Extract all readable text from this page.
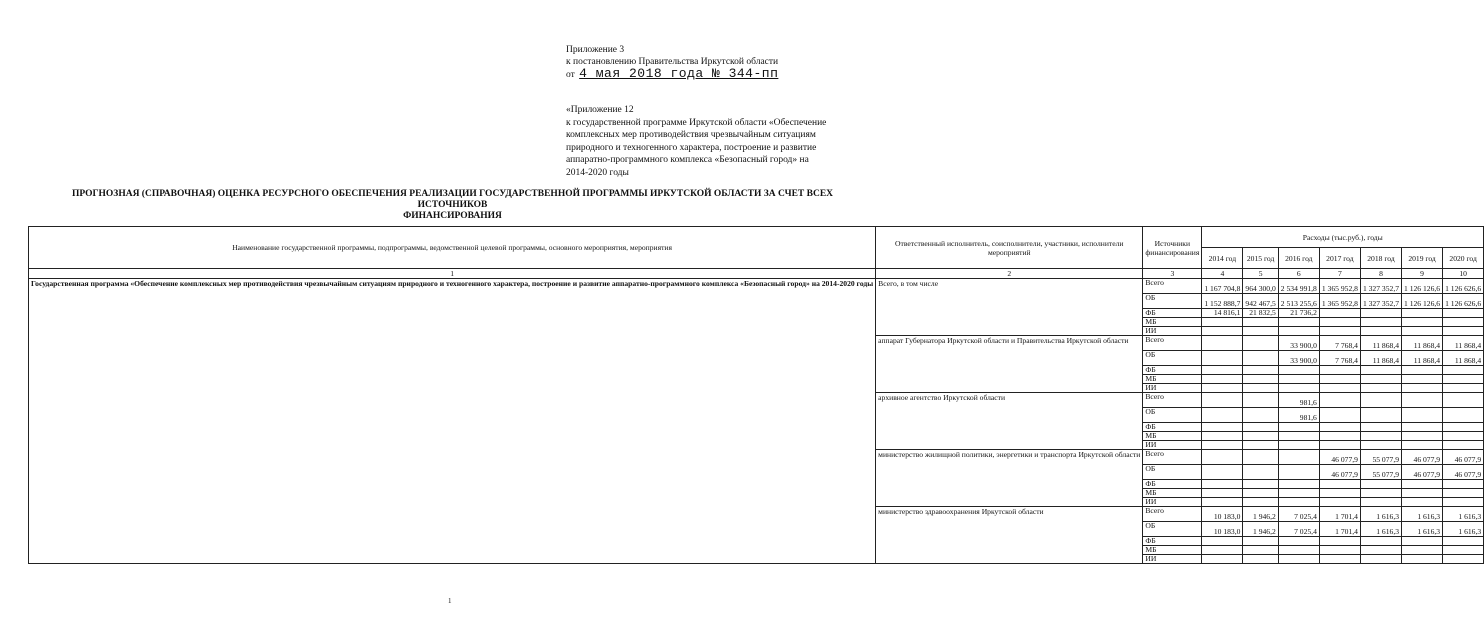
Приложение 3
к постановлению Правительства Иркутской области
от 4 мая 2018 года № 344-пп
«Приложение 12
к государственной программе Иркутской области «Обеспечение
комплексных мер противодействия чрезвычайным ситуациям
природного и техногенного характера, построение и развитие
аппаратно-программного комплекса «Безопасный город» на
2014-2020 годы
ПРОГНОЗНАЯ (СПРАВОЧНАЯ) ОЦЕНКА РЕСУРСНОГО ОБЕСПЕЧЕНИЯ РЕАЛИЗАЦИИ ГОСУДАРСТВЕННОЙ ПРОГРАММЫ ИРКУТСКОЙ ОБЛАСТИ ЗА СЧЕТ ВСЕХ ИСТОЧНИКОВ
ФИНАНСИРОВАНИЯ
Наименование государственной программы, подпрограммы, ведомственной целевой программы, основного мероприятия, мероприятия	Ответственный исполнитель, соисполнители, участники, исполнители мероприятий	Источники финансирования	Расходы (тыс.руб.), годы						
			2014 год	2015 год	2016 год	2017 год	2018 год	2019 год	2020 год
1	2	3	4	5	6	7	8	9	10
Государственная программа «Обеспечение комплексных мер противодействия чрезвычайным ситуациям природного и техногенного характера, построение и развитие аппаратно-программного комплекса «Безопасный город» на 2014-2020 годы	Всего, в том числе	Всего	1 167 704,8	964 300,0	2 534 991,8	1 365 952,8	1 327 352,7	1 126 126,6	1 126 626,6
		ОБ	1 152 888,7	942 467,5	2 513 255,6	1 365 952,8	1 327 352,7	1 126 126,6	1 126 626,6
		ФБ	14 816,1	21 832,5	21 736,2				
		МБ							
		ИИ							
	аппарат Губернатора Иркутской области и Правительства Иркутской области	Всего			33 900,0	7 768,4	11 868,4	11 868,4	11 868,4
		ОБ			33 900,0	7 768,4	11 868,4	11 868,4	11 868,4
		ФБ							
		МБ							
		ИИ							
	архивное агентство Иркутской области	Всего			981,6				
		ОБ			981,6				
		ФБ							
		МБ							
		ИИ							
	министерство жилищной политики, энергетики и транспорта Иркутской области	Всего				46 077,9	55 077,9	46 077,9	46 077,9
		ОБ				46 077,9	55 077,9	46 077,9	46 077,9
		ФБ							
		МБ							
		ИИ							
	министерство здравоохранения Иркутской области	Всего	10 183,0	1 946,2	7 025,4	1 701,4	1 616,3	1 616,3	1 616,3
		ОБ	10 183,0	1 946,2	7 025,4	1 701,4	1 616,3	1 616,3	1 616,3
		ФБ							
		МБ							
		ИИ							
1
